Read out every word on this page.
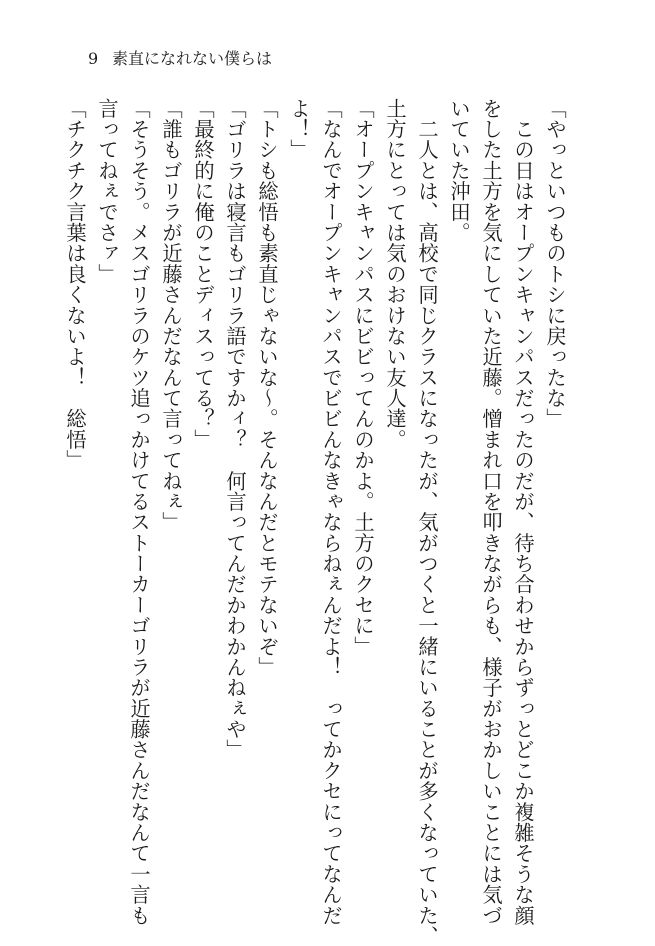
9 素直になれない僕らは

「やっといつものトシに戻ったな」

　この日はオープンキャンパスだったのだが、待ち合わせからずっとどこか複雑そうな顔

をした土方を気にしていた近藤。憎まれ口を叩きながらも、様子がおかしいことには気づ

いていた沖田。

　二人とは、高校で同じクラスになったが、気がつくと一緒にいることが多くなっていた、

土方にとっては気のおけない友人達。

「オープンキャンパスにビビってんのかよ。土方のクセに」

「なんでオープンキャンパスでビビんなきゃならねぇんだよ！　ってかクセにってなんだ

よ！」

「トシも総悟も素直じゃないな～。そんなんだとモテないぞ」

「ゴリラは寝言もゴリラ語ですかィ？　何言ってんだかわかんねぇや」

「最終的に俺のことディスってる？」

「誰もゴリラが近藤さんだなんて言ってねぇ」

「そうそう。メスゴリラのケツ追っかけてるストーカーゴリラが近藤さんだなんて一言も

言ってねぇでさァ」

「チクチク言葉は良くないよ！　総悟」
